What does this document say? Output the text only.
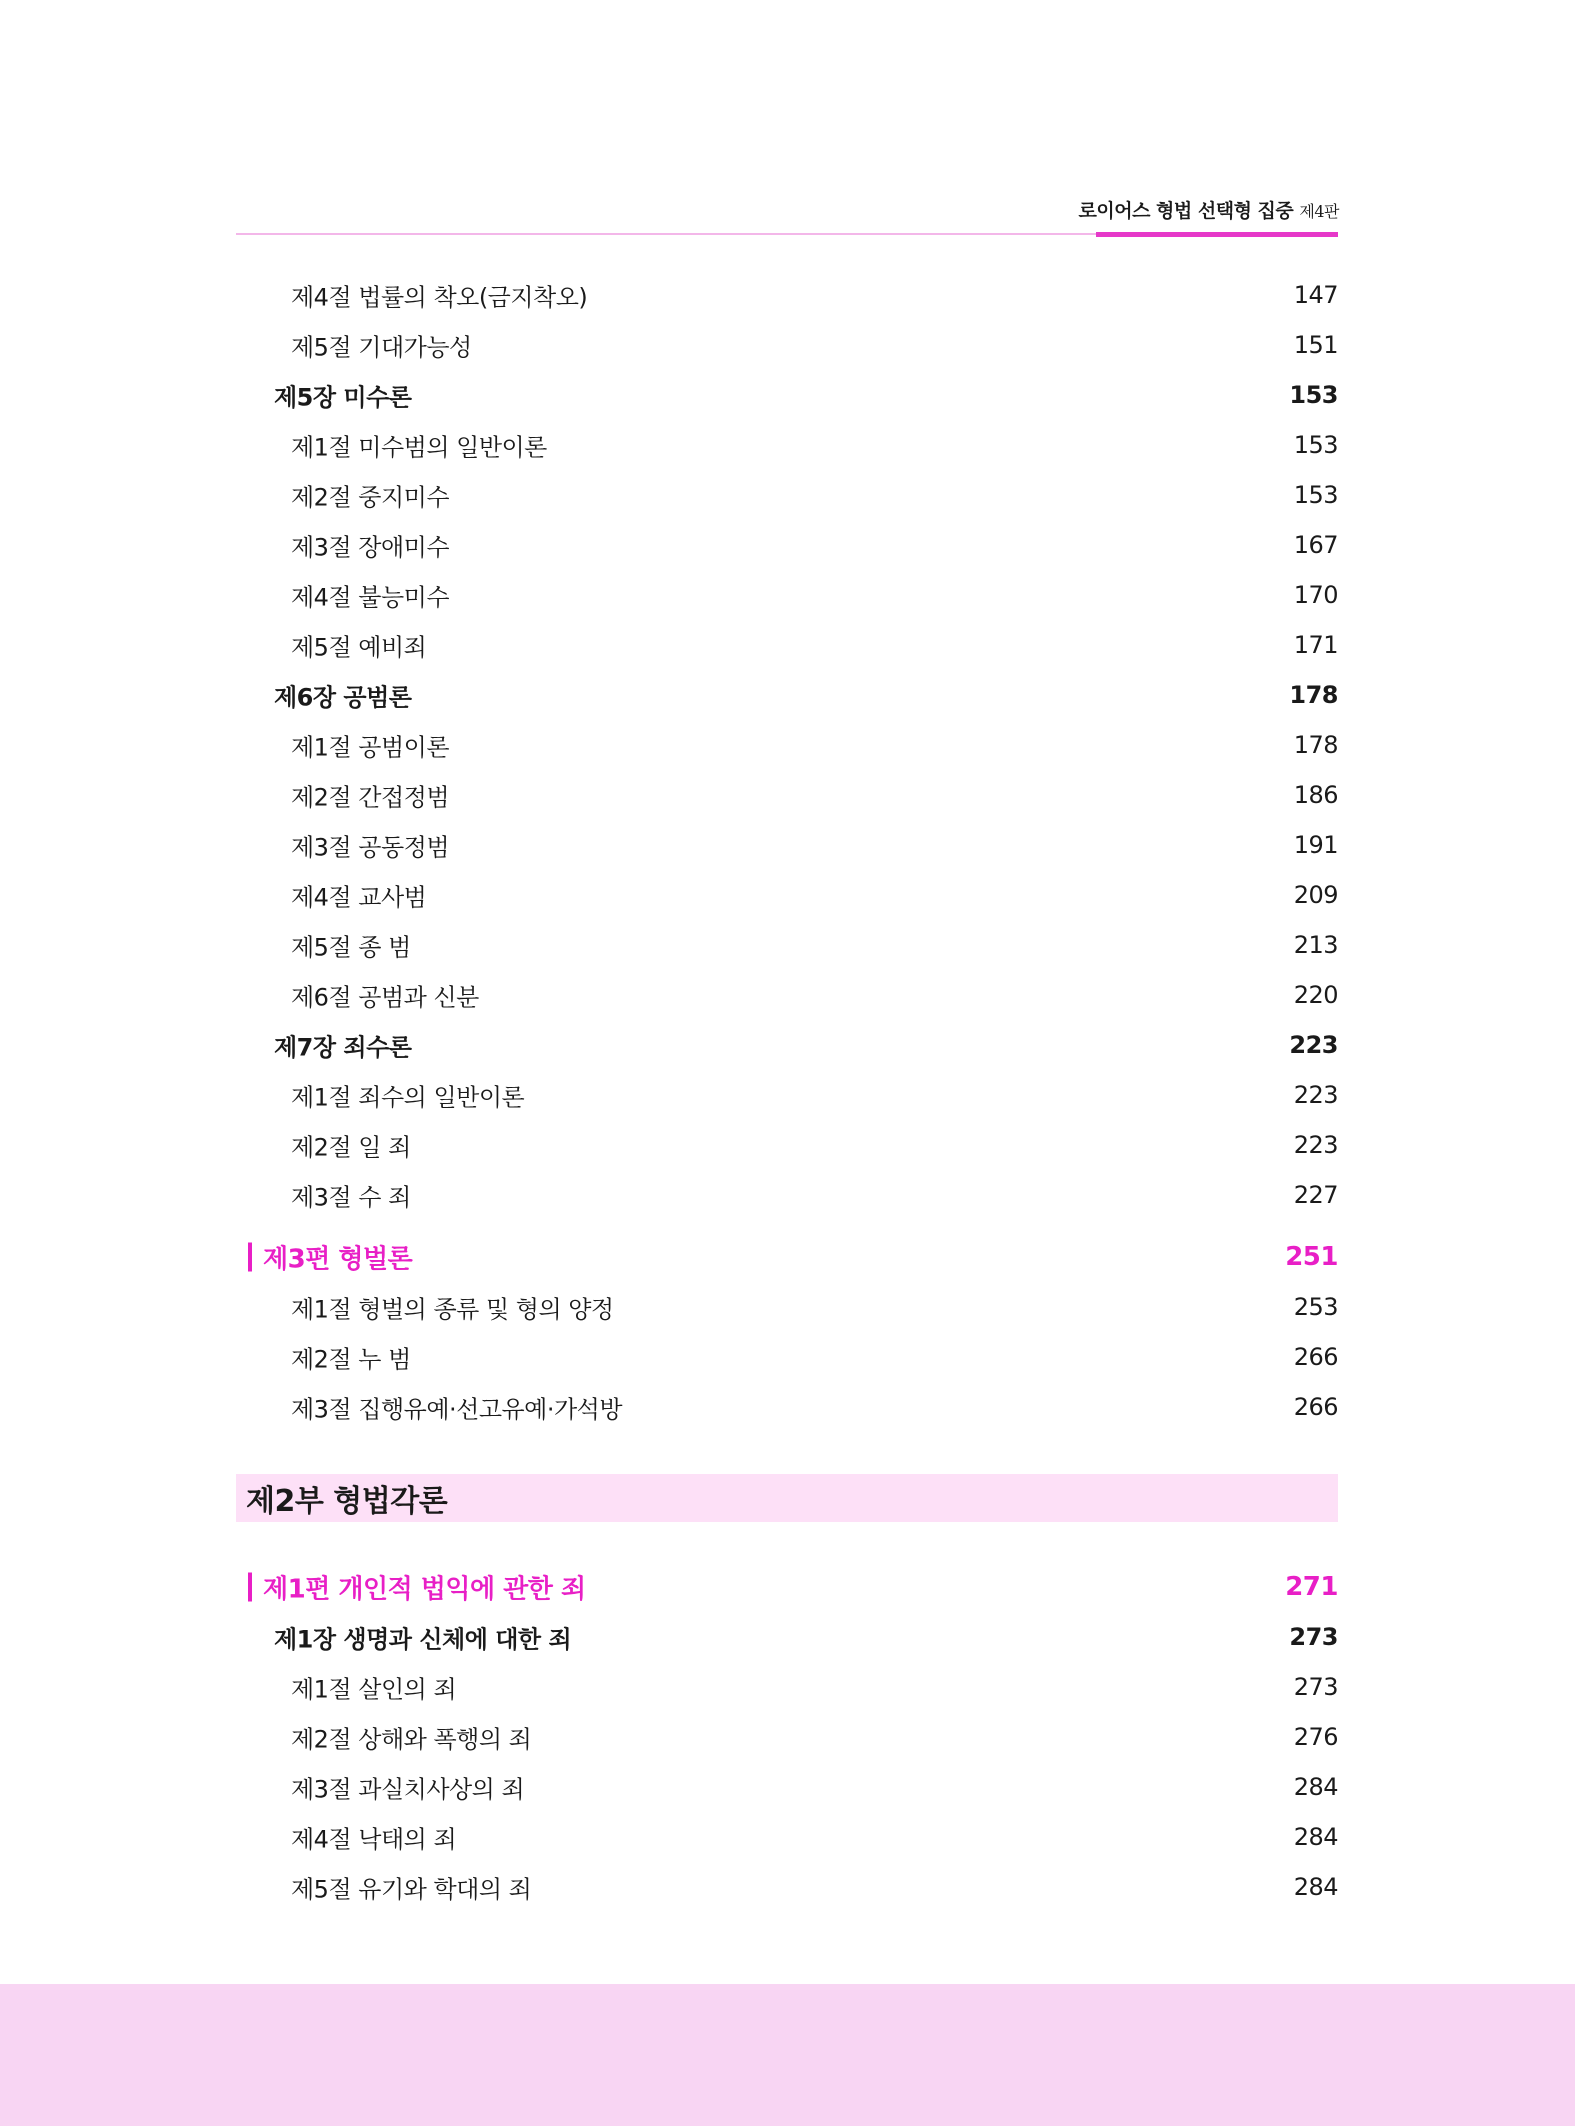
로이어스 형법 선택형 집중 제4판
제4절 법률의 착오(금지착오)	147
제5절 기대가능성	151
제5장 미수론	153
제1절 미수범의 일반이론	153
제2절 중지미수	153
제3절 장애미수	167
제4절 불능미수	170
제5절 예비죄	171
제6장 공범론	178
제1절 공범이론	178
제2절 간접정범	186
제3절 공동정범	191
제4절 교사범	209
제5절 종 범	213
제6절 공범과 신분	220
제7장 죄수론	223
제1절 죄수의 일반이론	223
제2절 일 죄	223
제3절 수 죄	227
제3편 형벌론	251
제1절 형벌의 종류 및 형의 양정	253
제2절 누 범	266
제3절 집행유예·선고유예·가석방	266
제2부 형법각론
제1편 개인적 법익에 관한 죄	271
제1장 생명과 신체에 대한 죄	273
제1절 살인의 죄	273
제2절 상해와 폭행의 죄	276
제3절 과실치사상의 죄	284
제4절 낙태의 죄	284
제5절 유기와 학대의 죄	284
